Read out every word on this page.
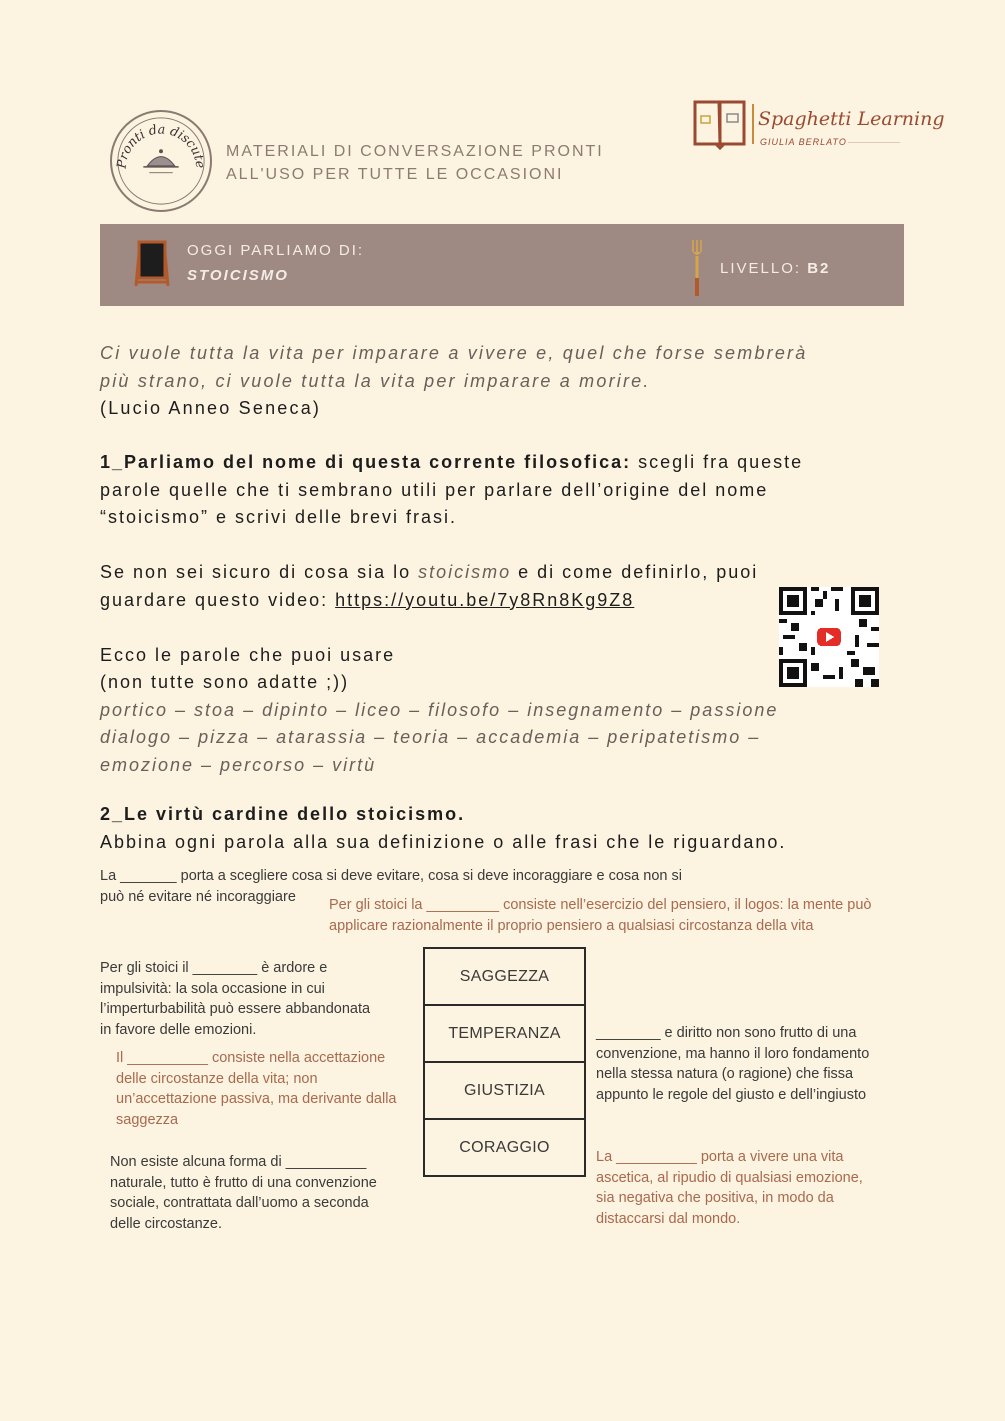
Pronti da discute
MATERIALI DI CONVERSAZIONE PRONTI
ALL'USO PER TUTTE LE OCCASIONI
Spaghetti Learning
GIULIA BERLATO
OGGI PARLIAMO DI:
STOICISMO	LIVELLO: B2
Ci vuole tutta la vita per imparare a vivere e, quel che forse sembrerà
più strano, ci vuole tutta la vita per imparare a morire.
(Lucio Anneo Seneca)
1_Parliamo del nome di questa corrente filosofica: scegli fra queste
parole quelle che ti sembrano utili per parlare dell’origine del nome
“stoicismo” e scrivi delle brevi frasi.
Se non sei sicuro di cosa sia lo stoicismo e di come definirlo, puoi
guardare questo video: https://youtu.be/7y8Rn8Kg9Z8
Ecco le parole che puoi usare
(non tutte sono adatte ;))
portico – stoa – dipinto – liceo – filosofo – insegnamento – passione
dialogo – pizza – atarassia – teoria – accademia – peripatetismo –
emozione – percorso – virtù
2_Le virtù cardine dello stoicismo.
Abbina ogni parola alla sua definizione o alle frasi che le riguardano.
La _______ porta a scegliere cosa si deve evitare, cosa si deve incoraggiare e cosa non si
può né evitare né incoraggiare
Per gli stoici la _________ consiste nell’esercizio del pensiero, il logos: la mente può
applicare razionalmente il proprio pensiero a qualsiasi circostanza della vita
Per gli stoici il ________ è ardore e
impulsività: la sola occasione in cui
l’imperturbabilità può essere abbandonata
in favore delle emozioni.
Il __________ consiste nella accettazione
delle circostanze della vita; non
un’accettazione passiva, ma derivante dalla
saggezza
Non esiste alcuna forma di __________
naturale, tutto è frutto di una convenzione
sociale, contrattata dall’uomo a seconda
delle circostanze.
SAGGEZZA
TEMPERANZA
GIUSTIZIA
CORAGGIO
________ e diritto non sono frutto di una
convenzione, ma hanno il loro fondamento
nella stessa natura (o ragione) che fissa
appunto le regole del giusto e dell’ingiusto
La __________ porta a vivere una vita
ascetica, al ripudio di qualsiasi emozione,
sia negativa che positiva, in modo da
distaccarsi dal mondo.
